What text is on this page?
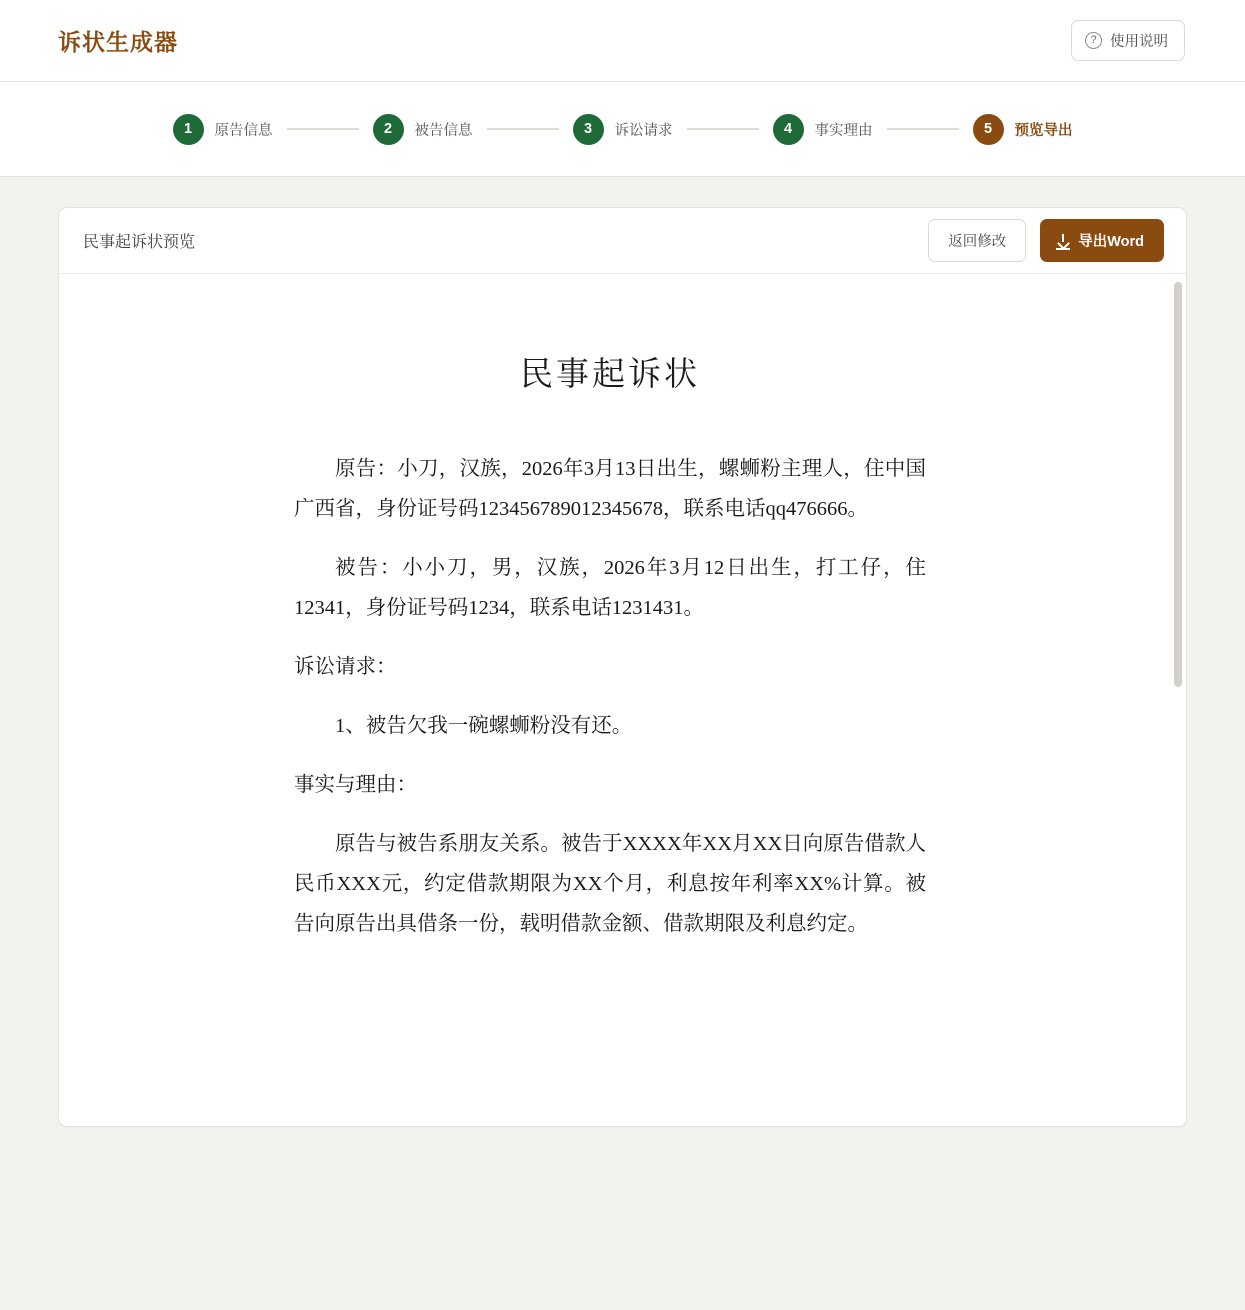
诉状生成器	? 使用说明
1	原告信息	2	被告信息	3	诉讼请求	4	事实理由	5	预览导出
民事起诉状预览	返回修改	导出Word
民事起诉状

原告：小刀，汉族，2026年3月13日出生，螺蛳粉主理人，住中国广西省，身份证号码123456789012345678，联系电话qq476666。

被告：小小刀，男，汉族，2026年3月12日出生，打工仔，住12341，身份证号码1234，联系电话1231431。

诉讼请求：

1、被告欠我一碗螺蛳粉没有还。

事实与理由：

原告与被告系朋友关系。被告于XXXX年XX月XX日向原告借款人民币XXX元，约定借款期限为XX个月，利息按年利率XX%计算。被告向原告出具借条一份，载明借款金额、借款期限及利息约定。
